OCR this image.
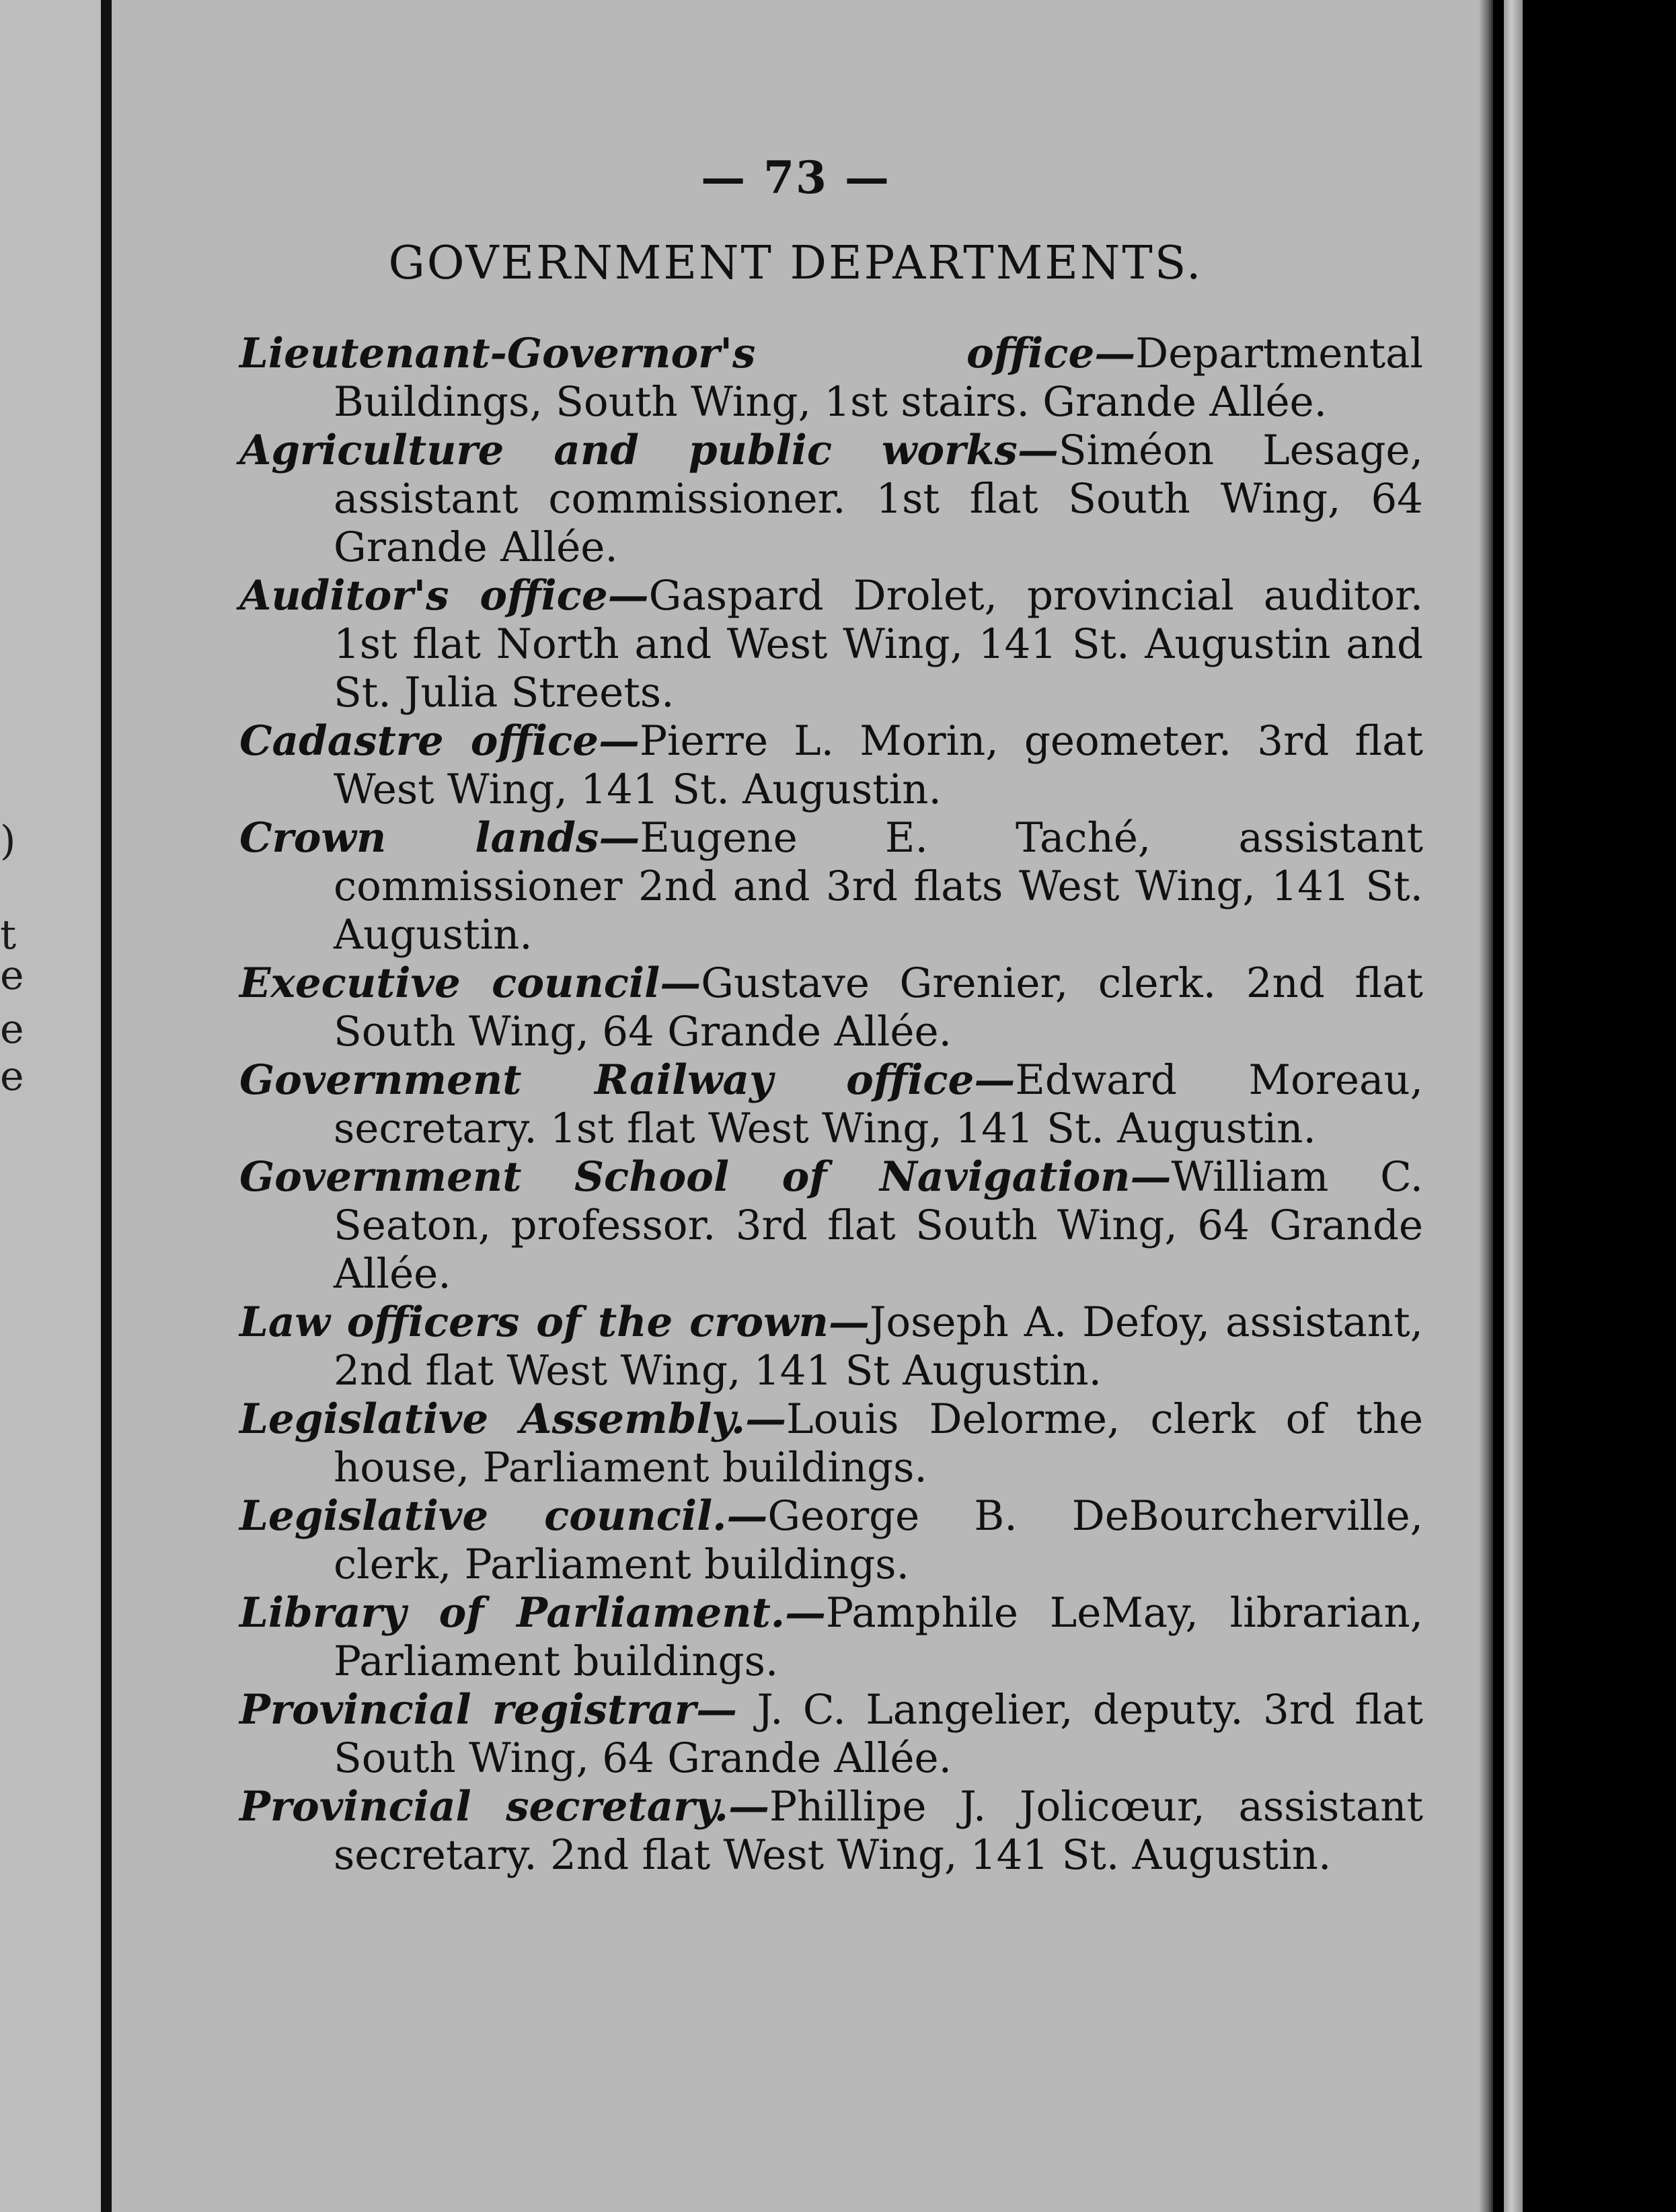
)
t
e
e
e
— 73 —
GOVERNMENT DEPARTMENTS.

Lieutenant-Governor's office—Departmental Buildings, South Wing, 1st stairs. Grande Allée.

Agriculture and public works—Siméon Lesage, assistant commissioner. 1st flat South Wing, 64 Grande Allée.

Auditor's office—Gaspard Drolet, provincial auditor. 1st flat North and West Wing, 141 St. Augustin and St. Julia Streets.

Cadastre office—Pierre L. Morin, geometer. 3rd flat West Wing, 141 St. Augustin.

Crown lands—Eugene E. Taché, assistant commissioner 2nd and 3rd flats West Wing, 141 St. Augustin.

Executive council—Gustave Grenier, clerk. 2nd flat South Wing, 64 Grande Allée.

Government Railway office—Edward Moreau, secretary. 1st flat West Wing, 141 St. Augustin.

Government School of Navigation—William C. Seaton, professor. 3rd flat South Wing, 64 Grande Allée.

Law officers of the crown—Joseph A. Defoy, assistant, 2nd flat West Wing, 141 St Augustin.

Legislative Assembly.—Louis Delorme, clerk of the house, Parliament buildings.

Legislative council.—George B. DeBourcherville, clerk, Parliament buildings.

Library of Parliament.—Pamphile LeMay, librarian, Parliament buildings.

Provincial registrar— J. C. Langelier, deputy. 3rd flat South Wing, 64 Grande Allée.

Provincial secretary.—Phillipe J. Jolicœur, assistant secretary. 2nd flat West Wing, 141 St. Augustin.
